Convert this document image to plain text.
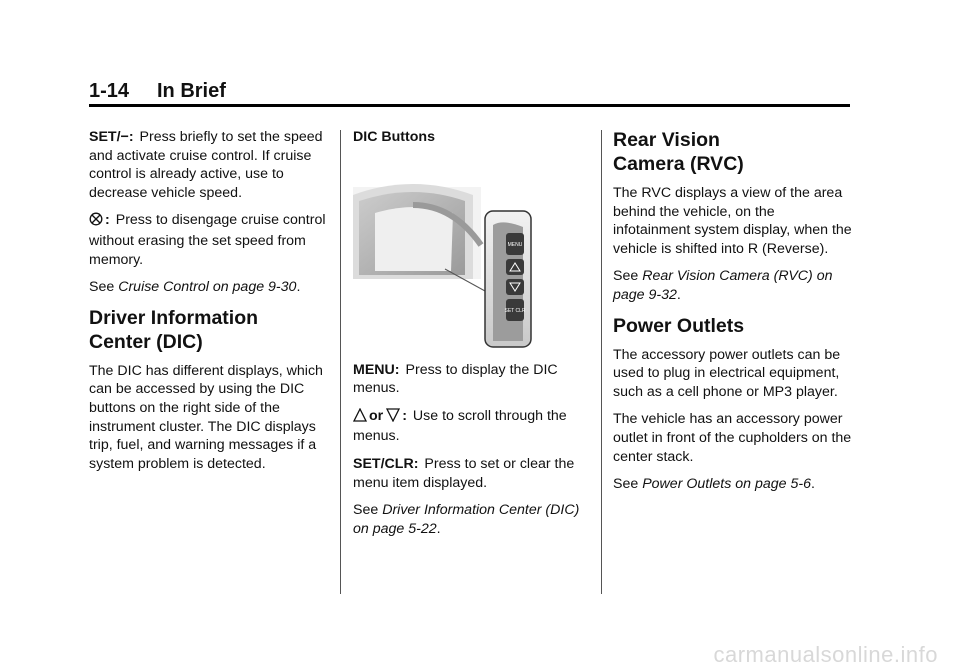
1-14 In Brief

SET/−: Press briefly to set the speed and activate cruise control. If cruise control is already active, use to decrease vehicle speed.

: Press to disengage cruise control without erasing the set speed from memory.

See Cruise Control on page 9-30.

Driver Information
Center (DIC)

The DIC has different displays, which can be accessed by using the DIC buttons on the right side of the instrument cluster. The DIC displays trip, fuel, and warning messages if a system problem is detected.

DIC Buttons
MENU
SET CLR

MENU: Press to display the DIC menus.

or : Use to scroll through the menus.

SET/CLR: Press to set or clear the menu item displayed.

See Driver Information Center (DIC) on page 5-22.

Rear Vision
Camera (RVC)

The RVC displays a view of the area behind the vehicle, on the infotainment system display, when the vehicle is shifted into R (Reverse).

See Rear Vision Camera (RVC) on page 9-32.

Power Outlets

The accessory power outlets can be used to plug in electrical equipment, such as a cell phone or MP3 player.

The vehicle has an accessory power outlet in front of the cupholders on the center stack.

See Power Outlets on page 5-6.

carmanualsonline.info
